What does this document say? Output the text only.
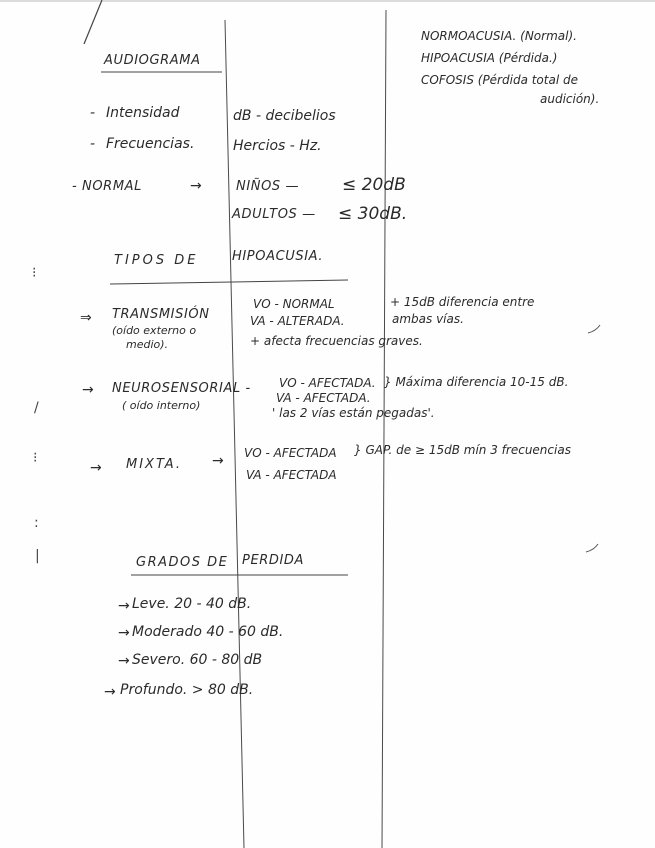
⁝
/
⁝
:
|
AUDIOGRAMA
NORMOACUSIA. (Normal).
HIPOACUSIA (Pérdida.)
COFOSIS (Pérdida total de
audición).
- Intensidad	dB - decibelios
- Frecuencias.	Hercios - Hz.
- NORMAL	→	NIÑOS —	≤ 20dB
ADULTOS — ≤ 30dB.
TIPOS DE	HIPOACUSIA.
⇒ TRANSMISIÓN
(oído externo o
medio).
VO - NORMAL
VA - ALTERADA.
+ afecta frecuencias graves.
+ 15dB diferencia entre
ambas vías.
→ NEUROSENSORIAL -
( oído interno)
VO - AFECTADA.
VA - AFECTADA.
' las 2 vías están pegadas'.
} Máxima diferencia 10-15 dB.
→ MIXTA. → VO - AFECTADA
VA - AFECTADA
} GAP. de ≥ 15dB mín 3 frecuencias
GRADOS DE PERDIDA
→ Leve. 20 - 40 dB.
→ Moderado 40 - 60 dB.
→ Severo. 60 - 80 dB
→ Profundo. > 80 dB.
